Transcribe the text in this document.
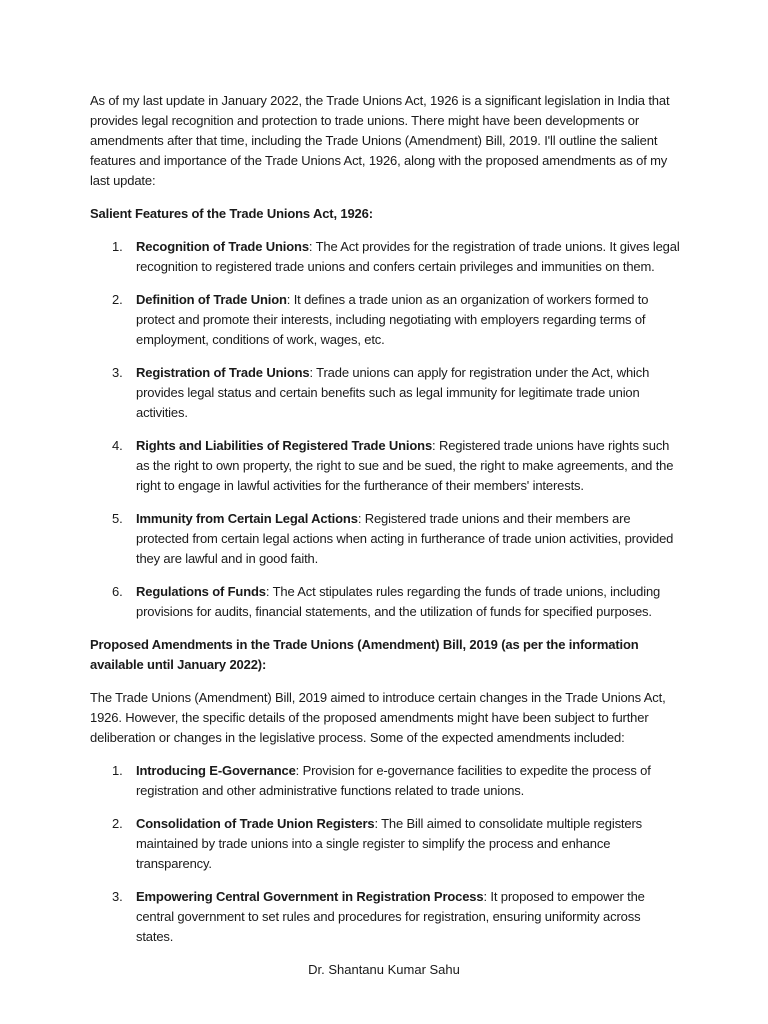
As of my last update in January 2022, the Trade Unions Act, 1926 is a significant legislation in India that provides legal recognition and protection to trade unions. There might have been developments or amendments after that time, including the Trade Unions (Amendment) Bill, 2019. I'll outline the salient features and importance of the Trade Unions Act, 1926, along with the proposed amendments as of my last update:

Salient Features of the Trade Unions Act, 1926:

1. Recognition of Trade Unions: The Act provides for the registration of trade unions. It gives legal recognition to registered trade unions and confers certain privileges and immunities on them.
2. Definition of Trade Union: It defines a trade union as an organization of workers formed to protect and promote their interests, including negotiating with employers regarding terms of employment, conditions of work, wages, etc.
3. Registration of Trade Unions: Trade unions can apply for registration under the Act, which provides legal status and certain benefits such as legal immunity for legitimate trade union activities.
4. Rights and Liabilities of Registered Trade Unions: Registered trade unions have rights such as the right to own property, the right to sue and be sued, the right to make agreements, and the right to engage in lawful activities for the furtherance of their members' interests.
5. Immunity from Certain Legal Actions: Registered trade unions and their members are protected from certain legal actions when acting in furtherance of trade union activities, provided they are lawful and in good faith.
6. Regulations of Funds: The Act stipulates rules regarding the funds of trade unions, including provisions for audits, financial statements, and the utilization of funds for specified purposes.

Proposed Amendments in the Trade Unions (Amendment) Bill, 2019 (as per the information available until January 2022):

The Trade Unions (Amendment) Bill, 2019 aimed to introduce certain changes in the Trade Unions Act, 1926. However, the specific details of the proposed amendments might have been subject to further deliberation or changes in the legislative process. Some of the expected amendments included:

1. Introducing E-Governance: Provision for e-governance facilities to expedite the process of registration and other administrative functions related to trade unions.
2. Consolidation of Trade Union Registers: The Bill aimed to consolidate multiple registers maintained by trade unions into a single register to simplify the process and enhance transparency.
3. Empowering Central Government in Registration Process: It proposed to empower the central government to set rules and procedures for registration, ensuring uniformity across states.
Dr. Shantanu Kumar Sahu
